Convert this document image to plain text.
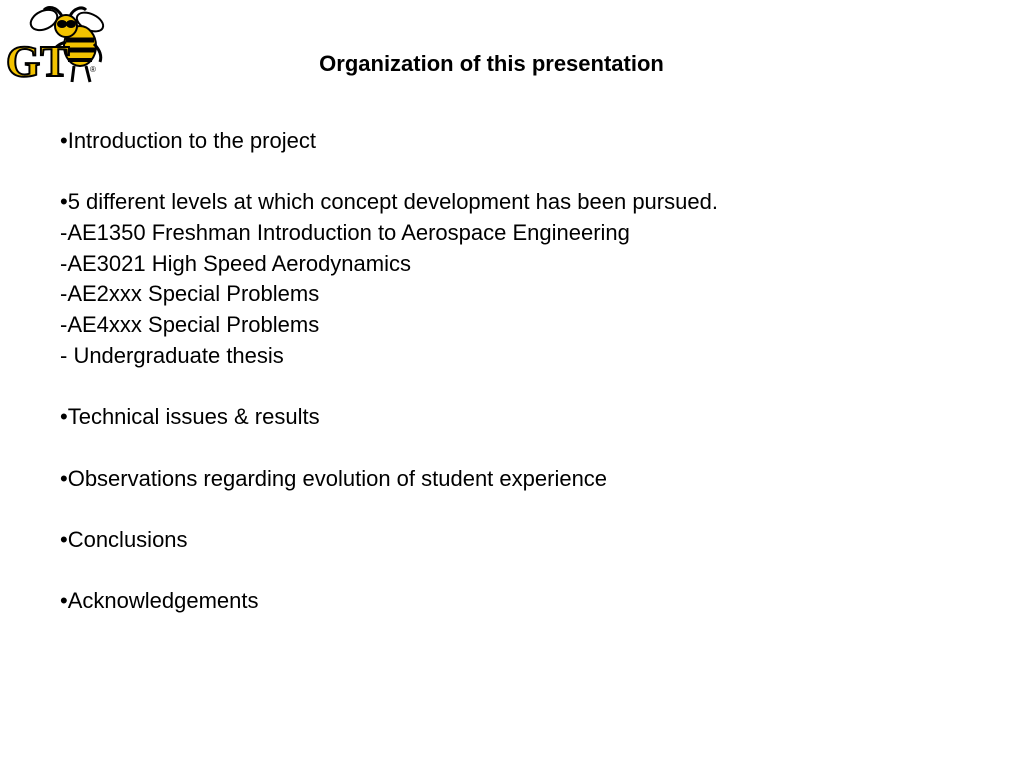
GT	®	Organization of this presentation
•Introduction to the project
•5 different levels at which concept development has been pursued.
-AE1350 Freshman Introduction to Aerospace Engineering
-AE3021 High Speed Aerodynamics
-AE2xxx Special Problems
-AE4xxx Special Problems
- Undergraduate thesis
•Technical issues & results
•Observations regarding evolution of student experience
•Conclusions
•Acknowledgements
